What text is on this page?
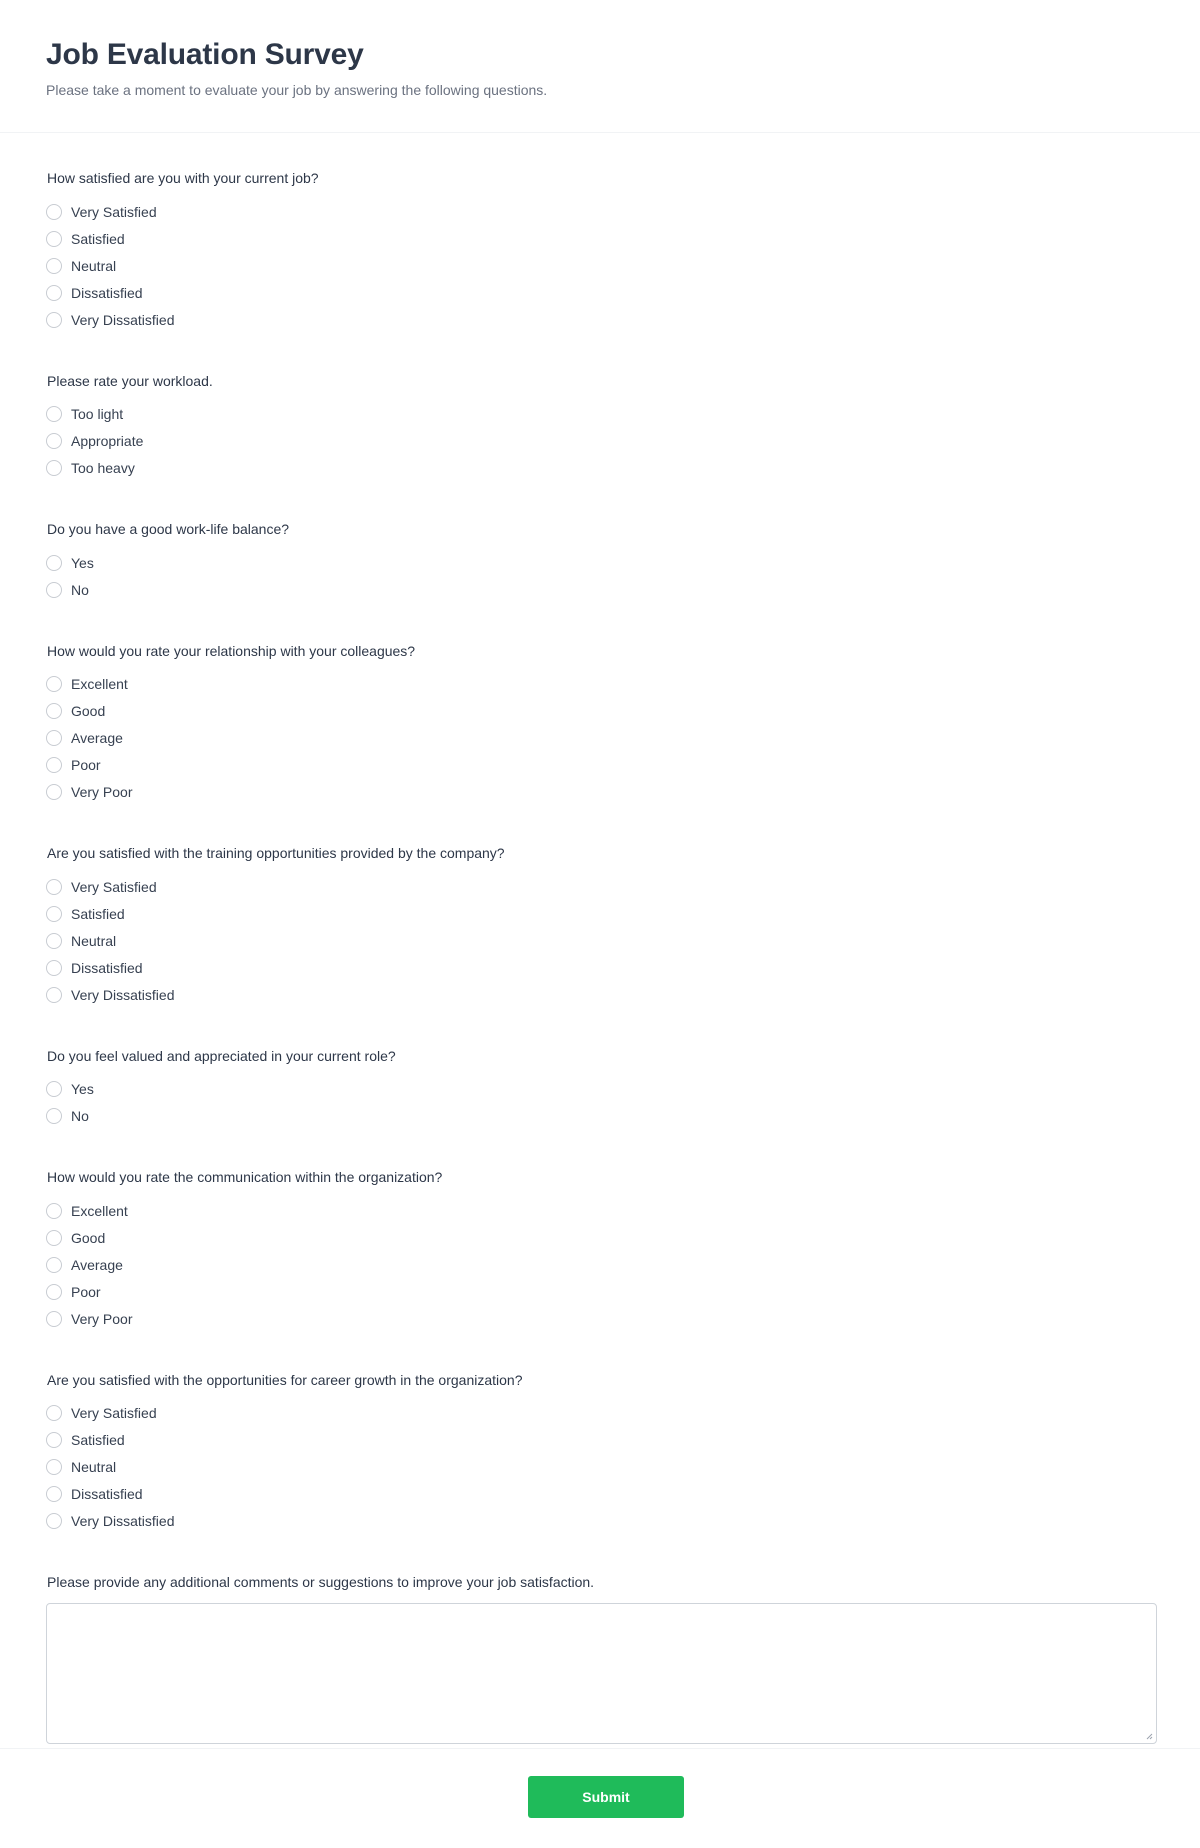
Job Evaluation Survey

Please take a moment to evaluate your job by answering the following questions.

How satisfied are you with your current job?
Very Satisfied
Satisfied
Neutral
Dissatisfied
Very Dissatisfied
Please rate your workload.
Too light
Appropriate
Too heavy
Do you have a good work-life balance?
Yes
No
How would you rate your relationship with your colleagues?
Excellent
Good
Average
Poor
Very Poor
Are you satisfied with the training opportunities provided by the company?
Very Satisfied
Satisfied
Neutral
Dissatisfied
Very Dissatisfied
Do you feel valued and appreciated in your current role?
Yes
No
How would you rate the communication within the organization?
Excellent
Good
Average
Poor
Very Poor
Are you satisfied with the opportunities for career growth in the organization?
Very Satisfied
Satisfied
Neutral
Dissatisfied
Very Dissatisfied
Please provide any additional comments or suggestions to improve your job satisfaction.
Submit
